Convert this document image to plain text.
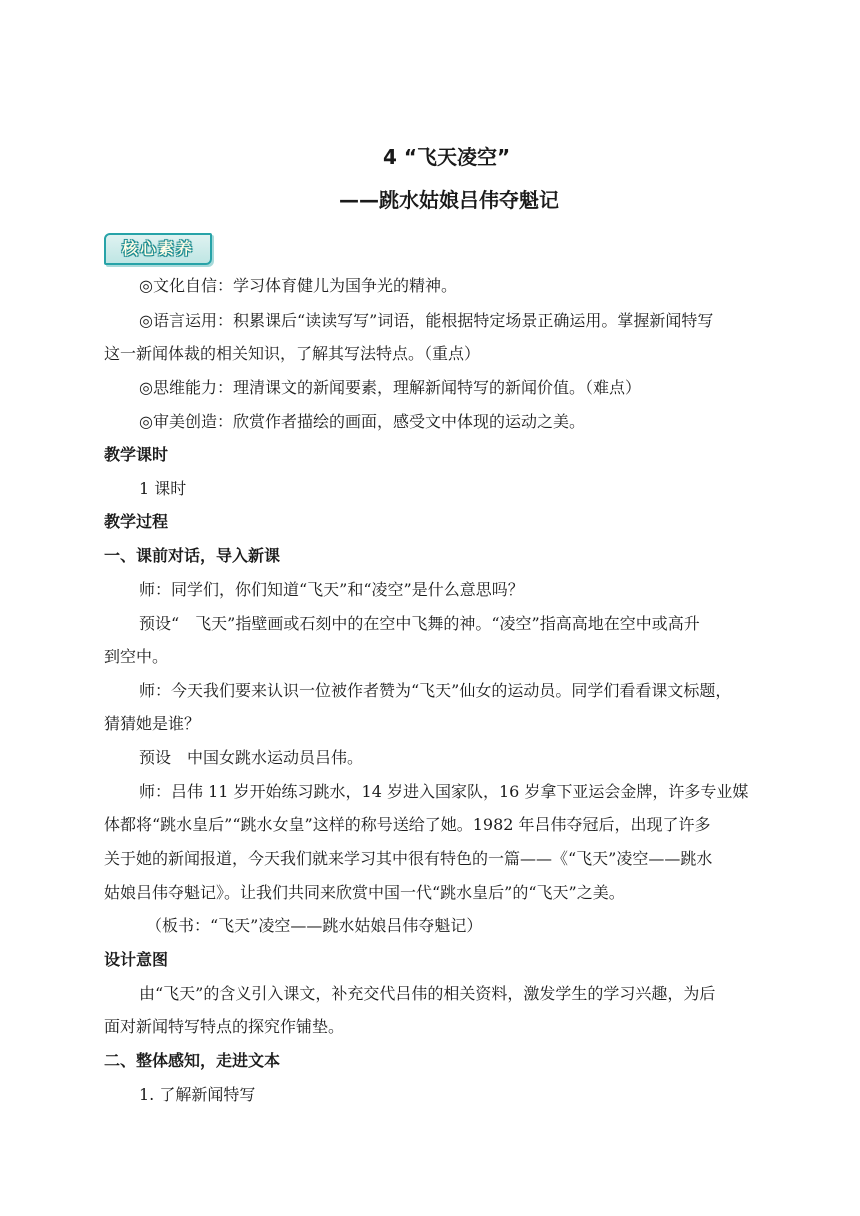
4 “飞天凌空”
——跳水姑娘吕伟夺魁记
核心素养
◎文化自信：学习体育健儿为国争光的精神。
◎语言运用：积累课后“读读写写”词语，能根据特定场景正确运用。掌握新闻特写
这一新闻体裁的相关知识，了解其写法特点。（重点）
◎思维能力：理清课文的新闻要素，理解新闻特写的新闻价值。（难点）
◎审美创造：欣赏作者描绘的画面，感受文中体现的运动之美。
教学课时
1 课时
教学过程
一、课前对话，导入新课
师：同学们，你们知道“飞天”和“凌空”是什么意思吗？
预设“　飞天”指壁画或石刻中的在空中飞舞的神。“凌空”指高高地在空中或高升
到空中。
师：今天我们要来认识一位被作者赞为“飞天”仙女的运动员。同学们看看课文标题，
猜猜她是谁？
预设　中国女跳水运动员吕伟。
师：吕伟 11 岁开始练习跳水，14 岁进入国家队，16 岁拿下亚运会金牌，许多专业媒
体都将“跳水皇后”“跳水女皇”这样的称号送给了她。1982 年吕伟夺冠后，出现了许多
关于她的新闻报道，今天我们就来学习其中很有特色的一篇——《“飞天”凌空——跳水
姑娘吕伟夺魁记》。让我们共同来欣赏中国一代“跳水皇后”的“飞天”之美。
（板书：“飞天”凌空——跳水姑娘吕伟夺魁记）
设计意图
由“飞天”的含义引入课文，补充交代吕伟的相关资料，激发学生的学习兴趣，为后
面对新闻特写特点的探究作铺垫。
二、整体感知，走进文本
1. 了解新闻特写
